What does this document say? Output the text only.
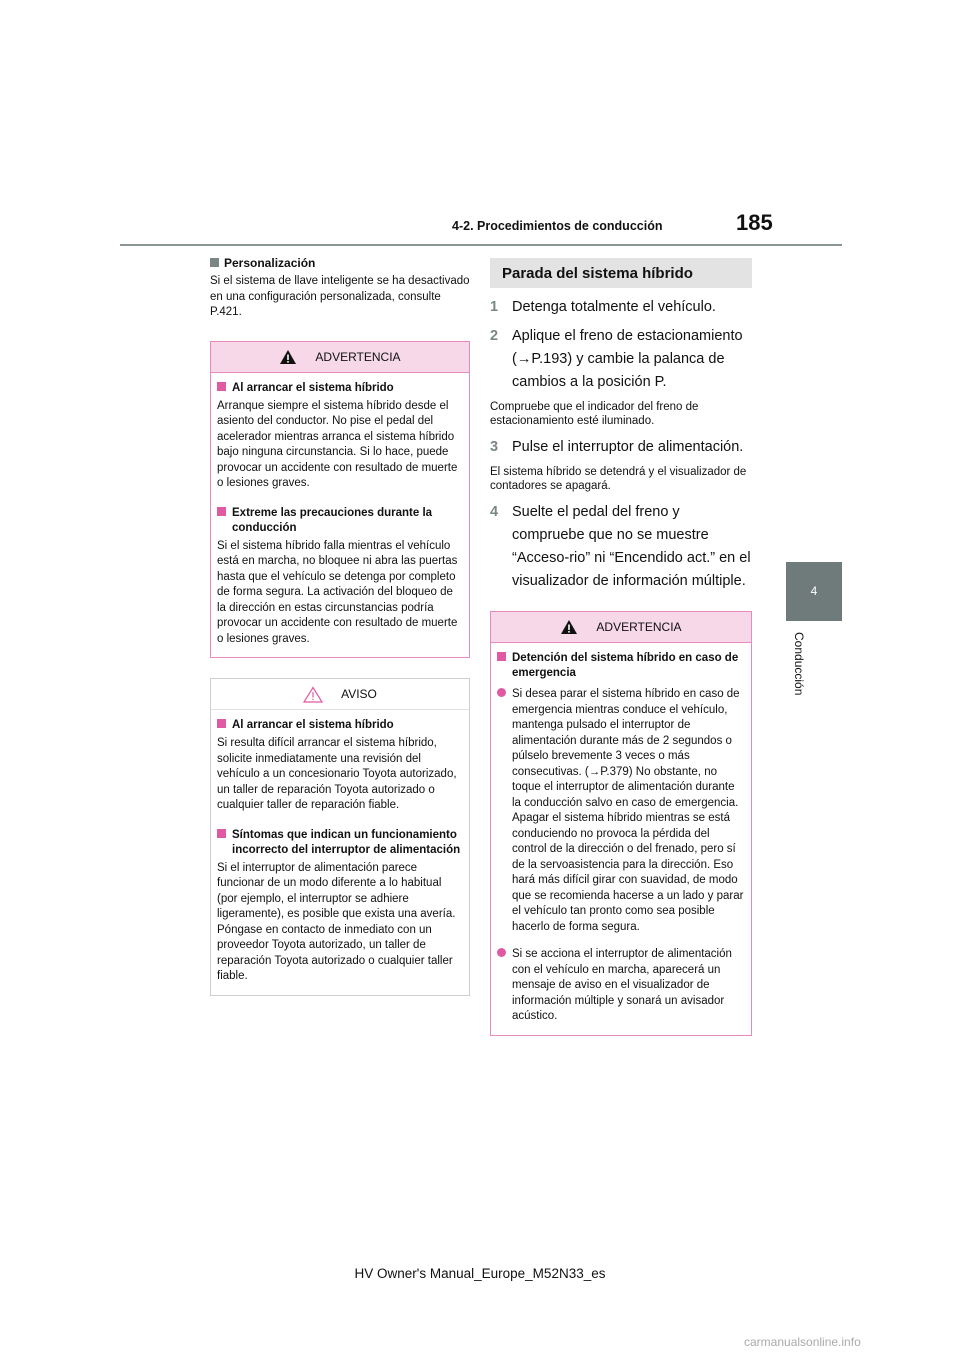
185
4-2. Procedimientos de conducción
4
Conducción
Personalización

Si el sistema de llave inteligente se ha desactivado en una configuración personalizada, consulte P.421.

ADVERTENCIA
Al arrancar el sistema híbrido

Arranque siempre el sistema híbrido desde el asiento del conductor. No pise el pedal del acelerador mientras arranca el sistema híbrido bajo ninguna circunstancia. Si lo hace, puede provocar un accidente con resultado de muerte o lesiones graves.

Extreme las precauciones durante la conducción

Si el sistema híbrido falla mientras el vehículo está en marcha, no bloquee ni abra las puertas hasta que el vehículo se detenga por completo de forma segura. La activación del bloqueo de la dirección en estas circunstancias podría provocar un accidente con resultado de muerte o lesiones graves.

AVISO
Al arrancar el sistema híbrido

Si resulta difícil arrancar el sistema híbrido, solicite inmediatamente una revisión del vehículo a un concesionario Toyota autorizado, un taller de reparación Toyota autorizado o cualquier taller de reparación fiable.

Síntomas que indican un funcionamiento incorrecto del interruptor de alimentación

Si el interruptor de alimentación parece funcionar de un modo diferente a lo habitual (por ejemplo, el interruptor se adhiere ligeramente), es posible que exista una avería. Póngase en contacto de inmediato con un proveedor Toyota autorizado, un taller de reparación Toyota autorizado o cualquier taller fiable.

Parada del sistema híbrido
1 Detenga totalmente el vehículo.
2 Aplique el freno de estacionamiento (→P.193) y cambie la palanca de cambios a la posición P.

Compruebe que el indicador del freno de estacionamiento esté iluminado.

3 Pulse el interruptor de alimentación.

El sistema híbrido se detendrá y el visualizador de contadores se apagará.

4 Suelte el pedal del freno y compruebe que no se muestre “Acceso-rio” ni “Encendido act.” en el visualizador de información múltiple.
ADVERTENCIA
Detención del sistema híbrido en caso de emergencia
Si desea parar el sistema híbrido en caso de emergencia mientras conduce el vehículo, mantenga pulsado el interruptor de alimentación durante más de 2 segundos o púlselo brevemente 3 veces o más consecutivas. (→P.379) No obstante, no toque el interruptor de alimentación durante la conducción salvo en caso de emergencia. Apagar el sistema híbrido mientras se está conduciendo no provoca la pérdida del control de la dirección o del frenado, pero sí de la servoasistencia para la dirección. Eso hará más difícil girar con suavidad, de modo que se recomienda hacerse a un lado y parar el vehículo tan pronto como sea posible hacerlo de forma segura.
Si se acciona el interruptor de alimentación con el vehículo en marcha, aparecerá un mensaje de aviso en el visualizador de información múltiple y sonará un avisador acústico.
HV Owner's Manual_Europe_M52N33_es
carmanualsonline.info
